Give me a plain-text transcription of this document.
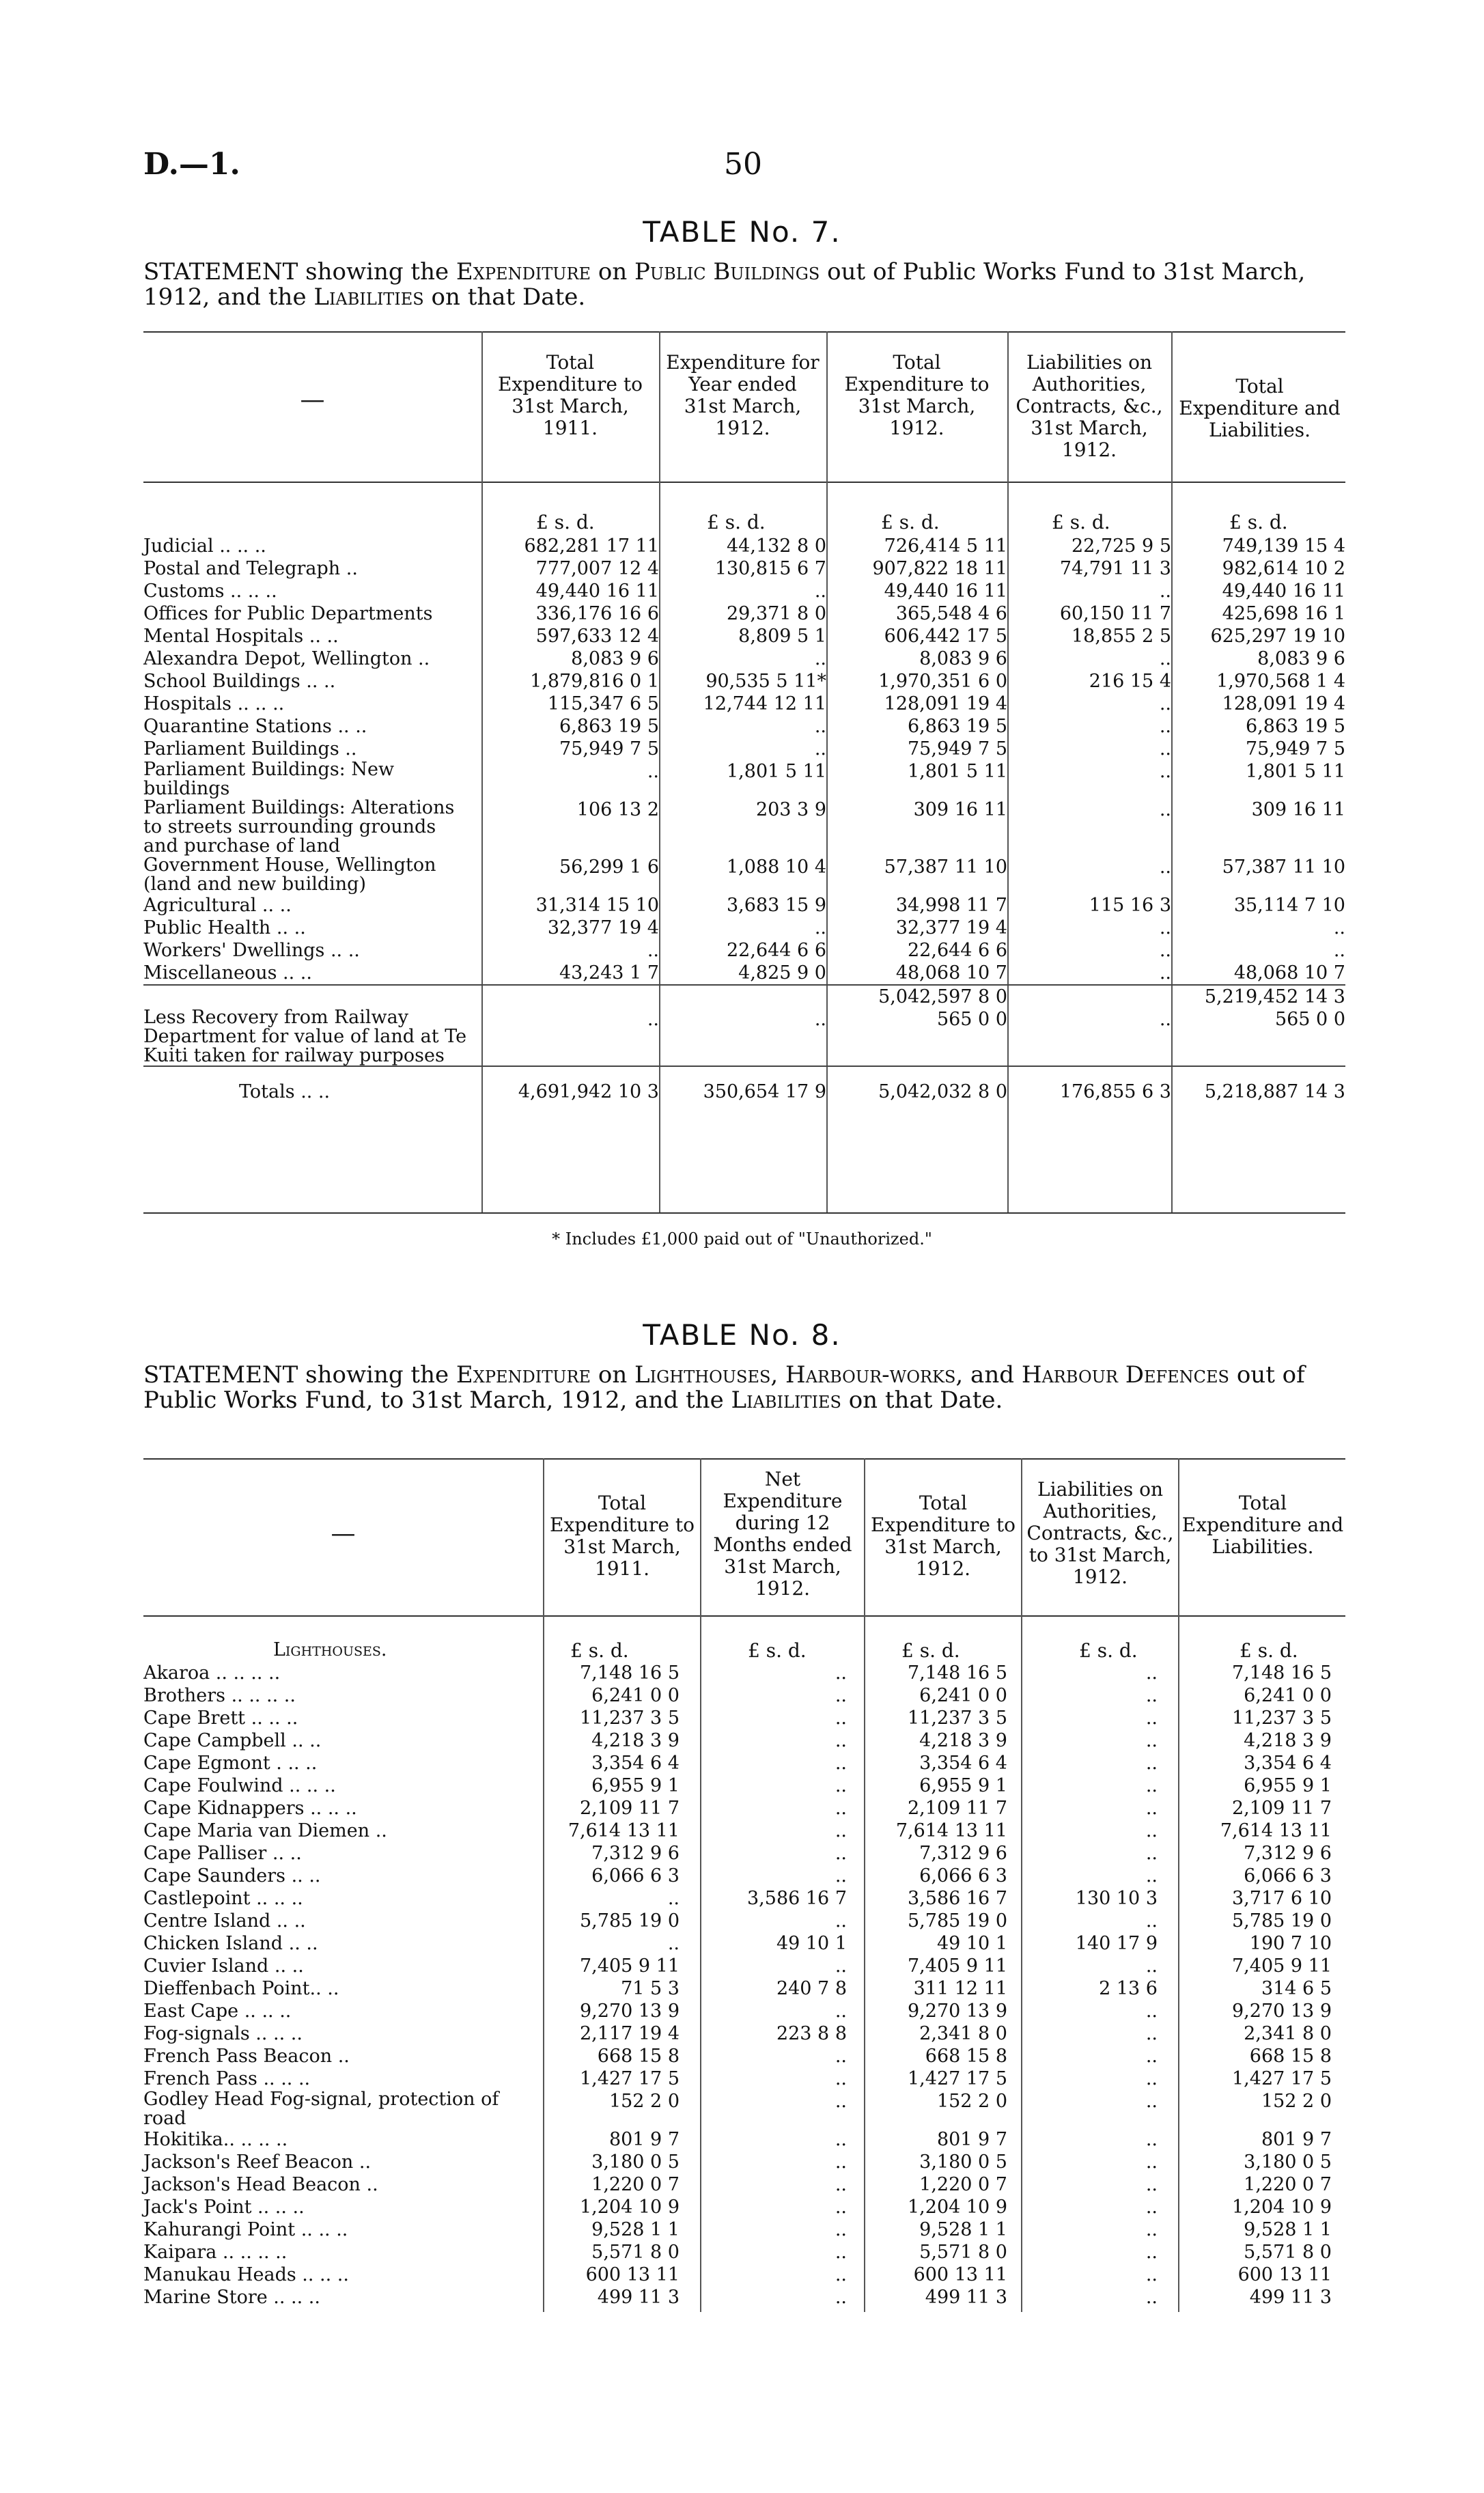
D.—1.	50
TABLE No. 7.
STATEMENT showing the Expenditure on Public Buildings out of Public Works Fund to 31st March, 1912, and the Liabilities on that Date.
—
Total Expenditure to 31st March, 1911.
Expenditure for Year ended 31st March, 1912.
Total Expenditure to 31st March, 1912.
Liabilities on Authorities, Contracts, &c., 31st March, 1912.
Total Expenditure and Liabilities.
£ s. d.	£ s. d.	£ s. d.	£ s. d.	£ s. d.
Judicial .. .. ..	682,281 17 11	44,132 8 0	726,414 5 11	22,725 9 5	749,139 15 4
Postal and Telegraph ..	777,007 12 4	130,815 6 7	907,822 18 11	74,791 11 3	982,614 10 2
Customs .. .. ..	49,440 16 11	..	49,440 16 11	..	49,440 16 11
Offices for Public Departments	336,176 16 6	29,371 8 0	365,548 4 6	60,150 11 7	425,698 16 1
Mental Hospitals .. ..	597,633 12 4	8,809 5 1	606,442 17 5	18,855 2 5	625,297 19 10
Alexandra Depot, Wellington ..	8,083 9 6	..	8,083 9 6	..	8,083 9 6
School Buildings .. ..	1,879,816 0 1	90,535 5 11*	1,970,351 6 0	216 15 4	1,970,568 1 4
Hospitals .. .. ..	115,347 6 5	12,744 12 11	128,091 19 4	..	128,091 19 4
Quarantine Stations .. ..	6,863 19 5	..	6,863 19 5	..	6,863 19 5
Parliament Buildings ..	75,949 7 5	..	75,949 7 5	..	75,949 7 5
Parliament Buildings: New buildings	..	1,801 5 11	1,801 5 11	..	1,801 5 11
Parliament Buildings: Alterations to streets surrounding grounds and purchase of land	106 13 2	203 3 9	309 16 11	..	309 16 11
Government House, Wellington (land and new building)	56,299 1 6	1,088 10 4	57,387 11 10	..	57,387 11 10
Agricultural .. ..	31,314 15 10	3,683 15 9	34,998 11 7	115 16 3	35,114 7 10
Public Health .. ..	32,377 19 4	..	32,377 19 4	..	..
Workers' Dwellings .. ..	..	22,644 6 6	22,644 6 6	..	..
Miscellaneous .. ..	43,243 1 7	4,825 9 0	48,068 10 7	..	48,068 10 7
			5,042,597 8 0		5,219,452 14 3
Less Recovery from Railway Department for value of land at Te Kuiti taken for railway purposes	..	..	565 0 0	..	565 0 0
Totals .. ..	4,691,942 10 3	350,654 17 9	5,042,032 8 0	176,855 6 3	5,218,887 14 3
* Includes £1,000 paid out of "Unauthorized."
TABLE No. 8.
STATEMENT showing the Expenditure on Lighthouses, Harbour-works, and Harbour Defences out of Public Works Fund, to 31st March, 1912, and the Liabilities on that Date.
—
Total Expenditure to 31st March, 1911.
Net Expenditure during 12 Months ended 31st March, 1912.
Total Expenditure to 31st March, 1912.
Liabilities on Authorities, Contracts, &c., to 31st March, 1912.
Total Expenditure and Liabilities.
£ s. d.	£ s. d.	£ s. d.	£ s. d.	£ s. d.
Lighthouses.
Akaroa .. .. .. ..	7,148 16 5	..	7,148 16 5	..	7,148 16 5
Brothers .. .. .. ..	6,241 0 0	..	6,241 0 0	..	6,241 0 0
Cape Brett .. .. ..	11,237 3 5	..	11,237 3 5	..	11,237 3 5
Cape Campbell .. ..	4,218 3 9	..	4,218 3 9	..	4,218 3 9
Cape Egmont . .. ..	3,354 6 4	..	3,354 6 4	..	3,354 6 4
Cape Foulwind .. .. ..	6,955 9 1	..	6,955 9 1	..	6,955 9 1
Cape Kidnappers .. .. ..	2,109 11 7	..	2,109 11 7	..	2,109 11 7
Cape Maria van Diemen ..	7,614 13 11	..	7,614 13 11	..	7,614 13 11
Cape Palliser .. ..	7,312 9 6	..	7,312 9 6	..	7,312 9 6
Cape Saunders .. ..	6,066 6 3	..	6,066 6 3	..	6,066 6 3
Castlepoint .. .. ..	..	3,586 16 7	3,586 16 7	130 10 3	3,717 6 10
Centre Island .. ..	5,785 19 0	..	5,785 19 0	..	5,785 19 0
Chicken Island .. ..	..	49 10 1	49 10 1	140 17 9	190 7 10
Cuvier Island .. ..	7,405 9 11	..	7,405 9 11	..	7,405 9 11
Dieffenbach Point.. ..	71 5 3	240 7 8	311 12 11	2 13 6	314 6 5
East Cape .. .. ..	9,270 13 9	..	9,270 13 9	..	9,270 13 9
Fog-signals .. .. ..	2,117 19 4	223 8 8	2,341 8 0	..	2,341 8 0
French Pass Beacon ..	668 15 8	..	668 15 8	..	668 15 8
French Pass .. .. ..	1,427 17 5	..	1,427 17 5	..	1,427 17 5
Godley Head Fog-signal, protection of road	152 2 0	..	152 2 0	..	152 2 0
Hokitika.. .. .. ..	801 9 7	..	801 9 7	..	801 9 7
Jackson's Reef Beacon ..	3,180 0 5	..	3,180 0 5	..	3,180 0 5
Jackson's Head Beacon ..	1,220 0 7	..	1,220 0 7	..	1,220 0 7
Jack's Point .. .. ..	1,204 10 9	..	1,204 10 9	..	1,204 10 9
Kahurangi Point .. .. ..	9,528 1 1	..	9,528 1 1	..	9,528 1 1
Kaipara .. .. .. ..	5,571 8 0	..	5,571 8 0	..	5,571 8 0
Manukau Heads .. .. ..	600 13 11	..	600 13 11	..	600 13 11
Marine Store .. .. ..	499 11 3	..	499 11 3	..	499 11 3
